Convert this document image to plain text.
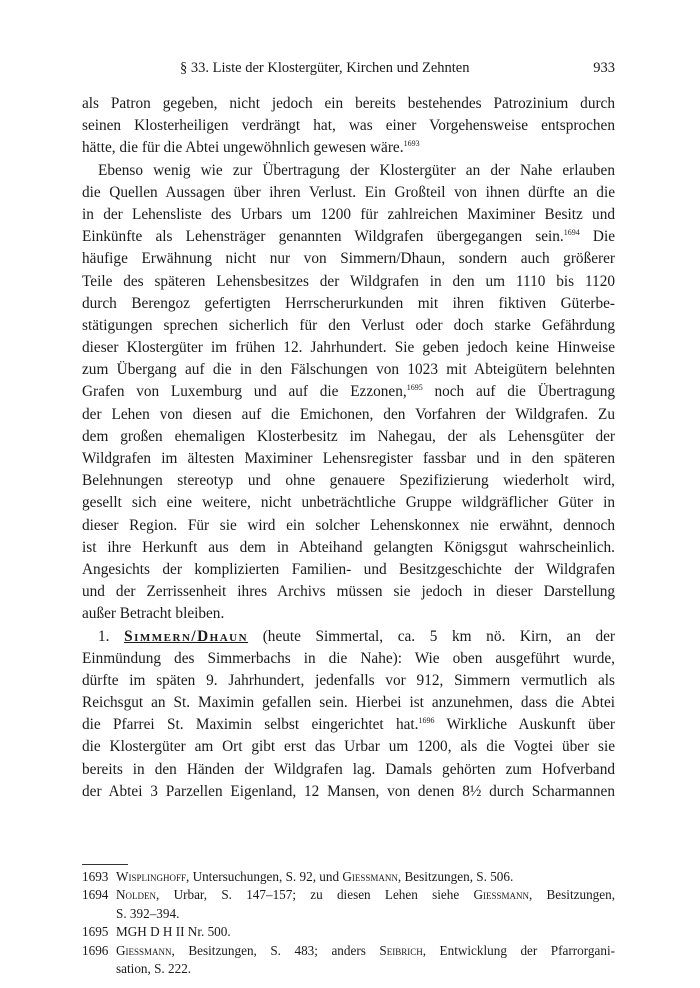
§ 33. Liste der Klostergüter, Kirchen und Zehnten	933
als Patron gegeben, nicht jedoch ein bereits bestehendes Patrozinium durch
seinen Klosterheiligen verdrängt hat, was einer Vorgehensweise entsprochen
hätte, die für die Abtei ungewöhnlich gewesen wäre.$^{1693}$
Ebenso wenig wie zur Übertragung der Klostergüter an der Nahe erlauben
die Quellen Aussagen über ihren Verlust. Ein Großteil von ihnen dürfte an die
in der Lehensliste des Urbars um 1200 für zahlreichen Maximiner Besitz und
Einkünfte als Lehensträger genannten Wildgrafen übergegangen sein.$^{1694}$ Die
häufige Erwähnung nicht nur von Simmern/Dhaun, sondern auch größerer
Teile des späteren Lehensbesitzes der Wildgrafen in den um 1110 bis 1120
durch Berengoz gefertigten Herrscherurkunden mit ihren fiktiven Güterbe-
stätigungen sprechen sicherlich für den Verlust oder doch starke Gefährdung
dieser Klostergüter im frühen 12. Jahrhundert. Sie geben jedoch keine Hinweise
zum Übergang auf die in den Fälschungen von 1023 mit Abteigütern belehnten
Grafen von Luxemburg und auf die Ezzonen,$^{1695}$ noch auf die Übertragung
der Lehen von diesen auf die Emichonen, den Vorfahren der Wildgrafen. Zu
dem großen ehemaligen Klosterbesitz im Nahegau, der als Lehensgüter der
Wildgrafen im ältesten Maximiner Lehensregister fassbar und in den späteren
Belehnungen stereotyp und ohne genauere Spezifizierung wiederholt wird,
gesellt sich eine weitere, nicht unbeträchtliche Gruppe wildgräflicher Güter in
dieser Region. Für sie wird ein solcher Lehenskonnex nie erwähnt, dennoch
ist ihre Herkunft aus dem in Abteihand gelangten Königsgut wahrscheinlich.
Angesichts der komplizierten Familien- und Besitzgeschichte der Wildgrafen
und der Zerrissenheit ihres Archivs müssen sie jedoch in dieser Darstellung
außer Betracht bleiben.
1. Simmern/Dhaun (heute Simmertal, ca. 5 km nö. Kirn, an der
Einmündung des Simmerbachs in die Nahe): Wie oben ausgeführt wurde,
dürfte im späten 9. Jahrhundert, jedenfalls vor 912, Simmern vermutlich als
Reichsgut an St. Maximin gefallen sein. Hierbei ist anzunehmen, dass die Abtei
die Pfarrei St. Maximin selbst eingerichtet hat.$^{1696}$ Wirkliche Auskunft über
die Klostergüter am Ort gibt erst das Urbar um 1200, als die Vogtei über sie
bereits in den Händen der Wildgrafen lag. Damals gehörten zum Hofverband
der Abtei 3 Parzellen Eigenland, 12 Mansen, von denen 8½ durch Scharmannen
1693 Wisplinghoff, Untersuchungen, S. 92, und Giessmann, Besitzungen, S. 506.
1694 Nolden, Urbar, S. 147–157; zu diesen Lehen siehe Giessmann, Besitzungen,
S. 392–394.
1695 MGH D H II Nr. 500.
1696 Giessmann, Besitzungen, S. 483; anders Seibrich, Entwicklung der Pfarrorgani-
sation, S. 222.
